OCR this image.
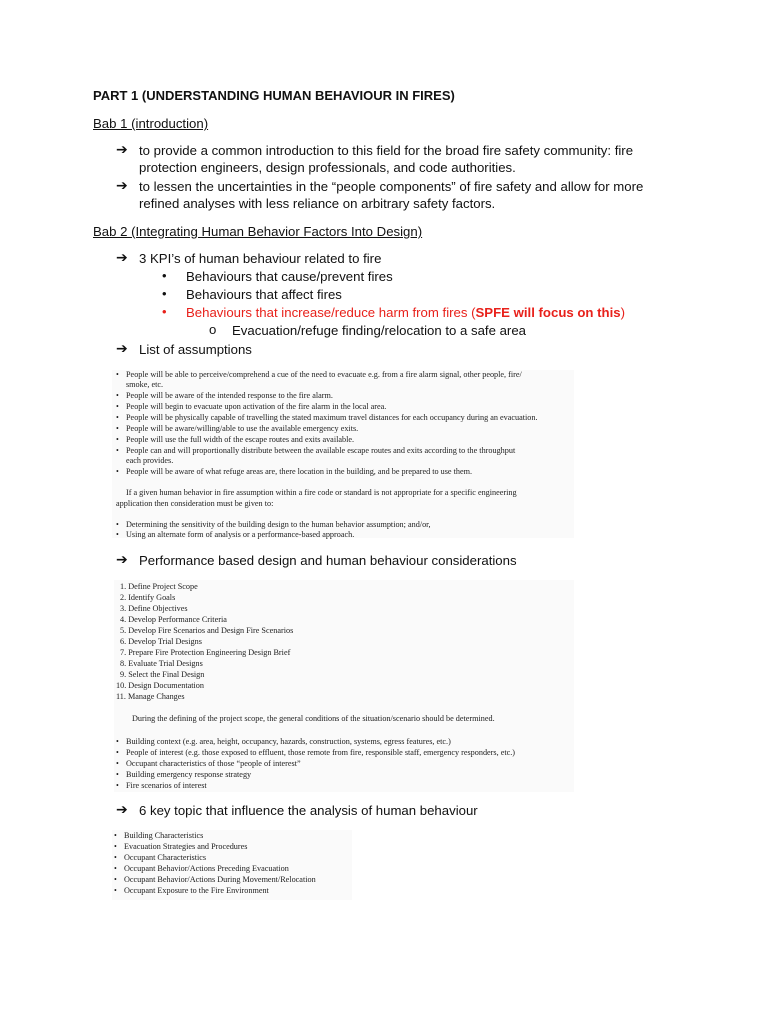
PART 1 (UNDERSTANDING HUMAN BEHAVIOUR IN FIRES)
Bab 1 (introduction)
➔ to provide a common introduction to this field for the broad fire safety community: fire
protection engineers, design professionals, and code authorities.
➔ to lessen the uncertainties in the “people components” of fire safety and allow for more
refined analyses with less reliance on arbitrary safety factors.
Bab 2 (Integrating Human Behavior Factors Into Design)
➔ 3 KPI’s of human behaviour related to fire
• Behaviours that cause/prevent fires
• Behaviours that affect fires
• Behaviours that increase/reduce harm from fires (SPFE will focus on this)
o Evacuation/refuge finding/relocation to a safe area
➔ List of assumptions
• People will be able to perceive/comprehend a cue of the need to evacuate e.g. from a fire alarm signal, other people, fire/
smoke, etc.
• People will be aware of the intended response to the fire alarm.
• People will begin to evacuate upon activation of the fire alarm in the local area.
• People will be physically capable of travelling the stated maximum travel distances for each occupancy during an evacuation.
• People will be aware/willing/able to use the available emergency exits.
• People will use the full width of the escape routes and exits available.
• People can and will proportionally distribute between the available escape routes and exits according to the throughput
each provides.
• People will be aware of what refuge areas are, there location in the building, and be prepared to use them.
If a given human behavior in fire assumption within a fire code or standard is not appropriate for a specific engineering
application then consideration must be given to:
• Determining the sensitivity of the building design to the human behavior assumption; and/or,
• Using an alternate form of analysis or a performance-based approach.
➔ Performance based design and human behaviour considerations
1. Define Project Scope
2. Identify Goals
3. Define Objectives
4. Develop Performance Criteria
5. Develop Fire Scenarios and Design Fire Scenarios
6. Develop Trial Designs
7. Prepare Fire Protection Engineering Design Brief
8. Evaluate Trial Designs
9. Select the Final Design
10. Design Documentation
11. Manage Changes
During the defining of the project scope, the general conditions of the situation/scenario should be determined.
• Building context (e.g. area, height, occupancy, hazards, construction, systems, egress features, etc.)
• People of interest (e.g. those exposed to effluent, those remote from fire, responsible staff, emergency responders, etc.)
• Occupant characteristics of those “people of interest”
• Building emergency response strategy
• Fire scenarios of interest
➔ 6 key topic that influence the analysis of human behaviour
• Building Characteristics
• Evacuation Strategies and Procedures
• Occupant Characteristics
• Occupant Behavior/Actions Preceding Evacuation
• Occupant Behavior/Actions During Movement/Relocation
• Occupant Exposure to the Fire Environment
